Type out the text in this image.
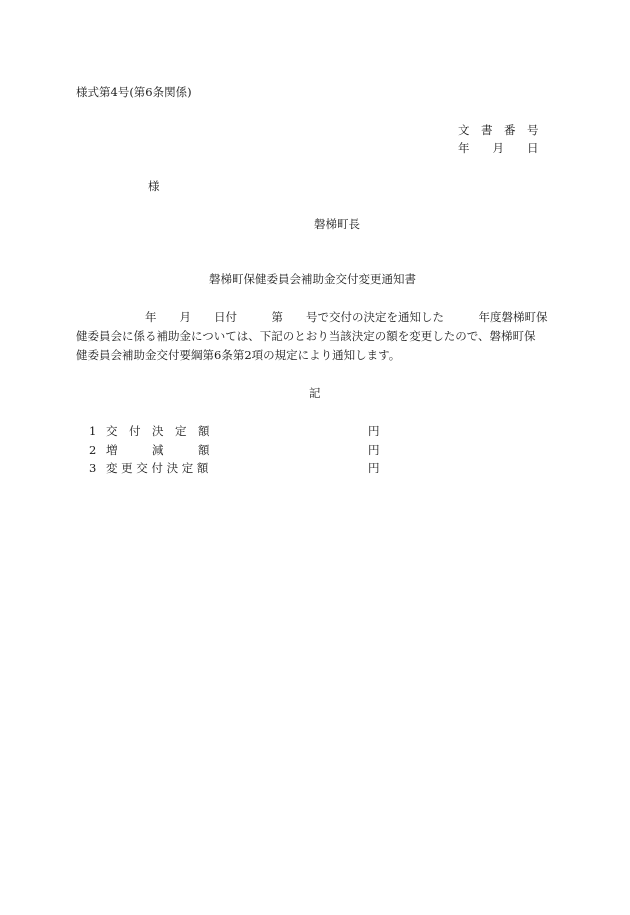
様式第4号(第6条関係)
文　書　番　号
年　　月　　日
様
磐梯町長
磐梯町保健委員会補助金交付変更通知書
　　　　　　年　　月　　日付　　　第　　号で交付の決定を通知した　　　年度磐梯町保
健委員会に係る補助金については、下記のとおり当該決定の額を変更したので、磐梯町保
健委員会補助金交付要綱第6条第2項の規定により通知します。
記
1 交　付　決　定　額	円
2 増　　　減　　　額	円
3 変 更 交 付 決 定 額	円
